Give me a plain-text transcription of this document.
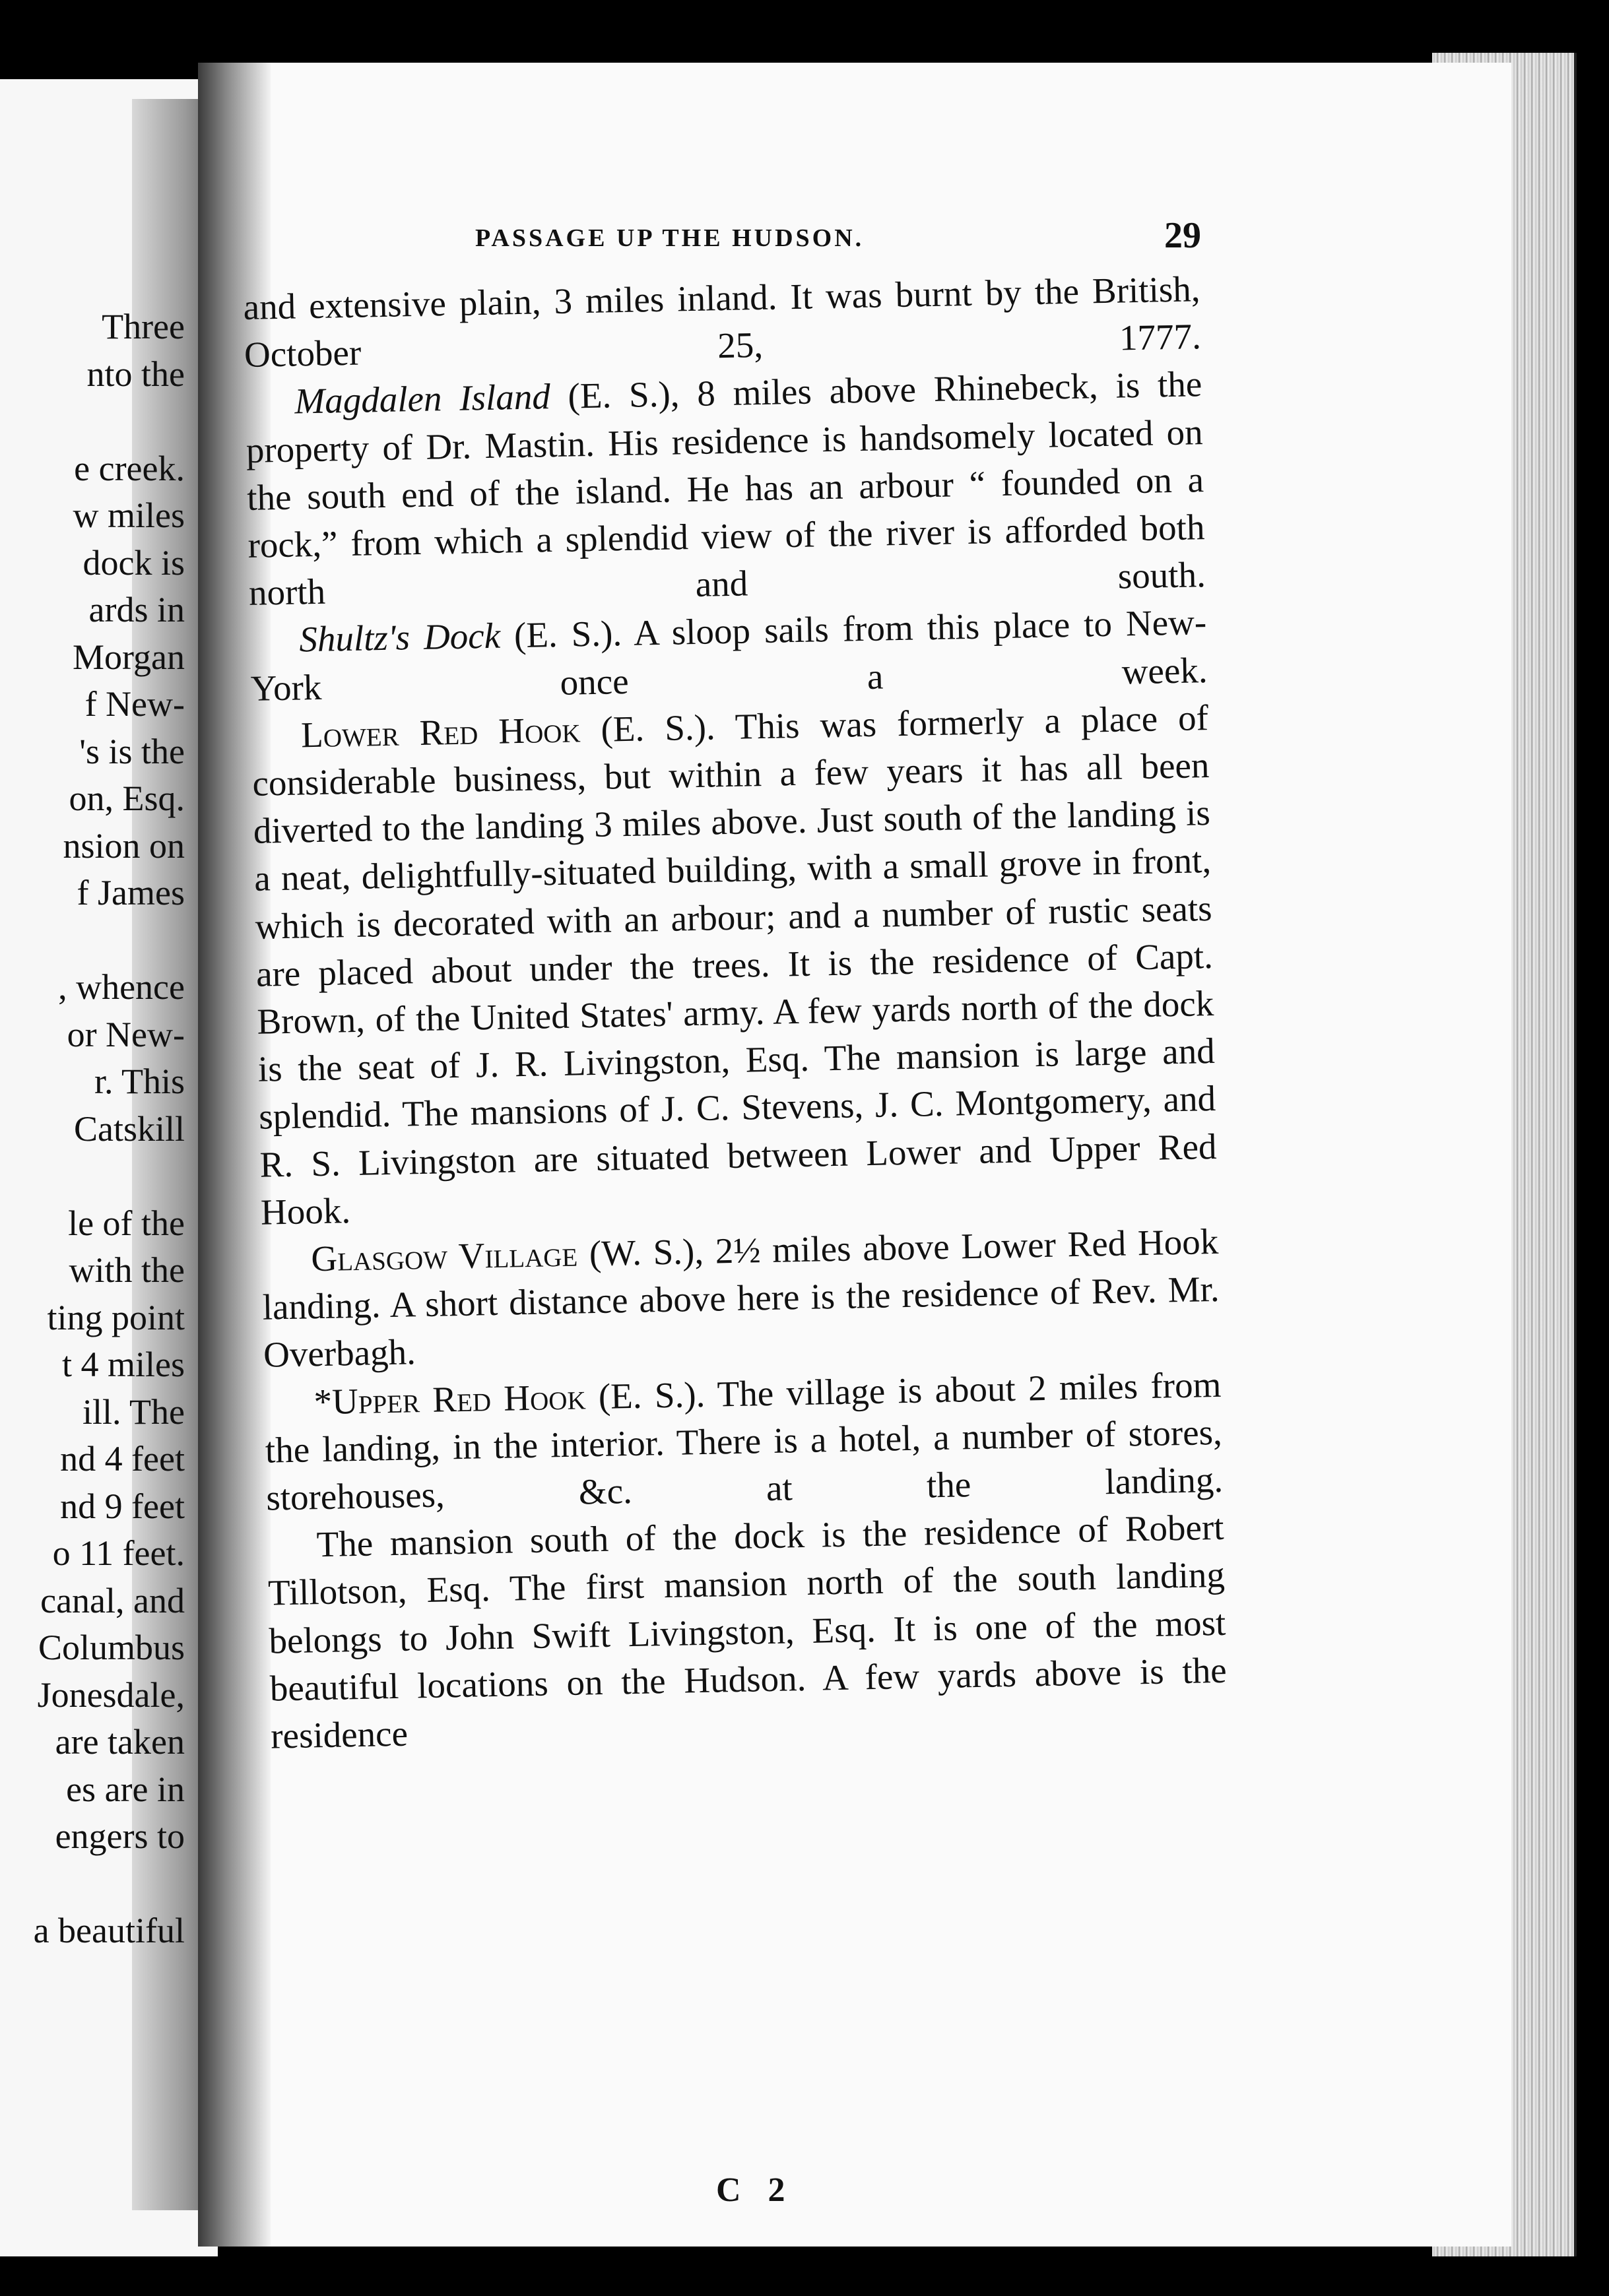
Three
nto the
e creek.
w miles
dock is
ards in
Morgan
f New-
's is the
on, Esq.
nsion on
f James
, whence
or New-
r. This
Catskill
le of the
with the
ting point
t 4 miles
ill. The
nd 4 feet
nd 9 feet
o 11 feet.
canal, and
Columbus
Jonesdale,
are taken
es are in
engers to
a beautiful
PASSAGE UP THE HUDSON.	29

and extensive plain, 3 miles inland. It was burnt by the British, October 25, 1777.

Magdalen Island (E. S.), 8 miles above Rhinebeck, is the property of Dr. Mastin. His residence is handsomely located on the south end of the island. He has an arbour “ founded on a rock,” from which a splendid view of the river is afforded both north and south.

Shultz's Dock (E. S.). A sloop sails from this place to New-York once a week.

Lower Red Hook (E. S.). This was formerly a place of considerable business, but within a few years it has all been diverted to the landing 3 miles above. Just south of the landing is a neat, delightfully-situated building, with a small grove in front, which is decorated with an arbour; and a number of rustic seats are placed about under the trees. It is the residence of Capt. Brown, of the United States' army. A few yards north of the dock is the seat of J. R. Livingston, Esq. The mansion is large and splendid. The mansions of J. C. Stevens, J. C. Montgomery, and R. S. Livingston are situated between Lower and Upper Red Hook.

Glasgow Village (W. S.), 2½ miles above Lower Red Hook landing. A short distance above here is the residence of Rev. Mr. Overbagh.

*Upper Red Hook (E. S.). The village is about 2 miles from the landing, in the interior. There is a hotel, a number of stores, storehouses, &c. at the landing.

The mansion south of the dock is the residence of Robert Tillotson, Esq. The first mansion north of the south landing belongs to John Swift Livingston, Esq. It is one of the most beautiful locations on the Hudson. A few yards above is the residence

C 2
